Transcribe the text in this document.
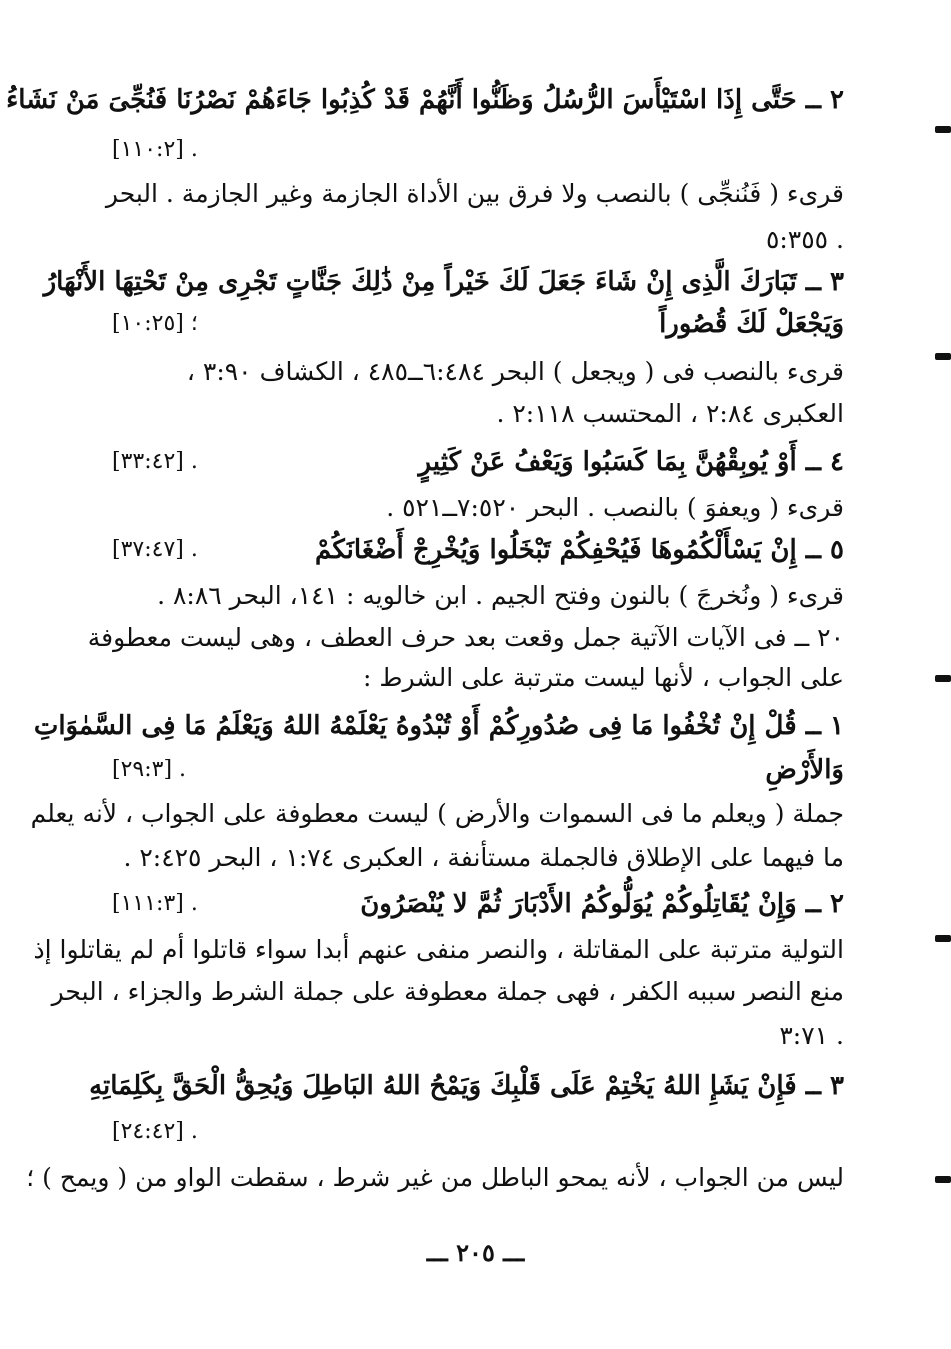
٢ ــ حَتَّى إِذَا اسْتَيْأَسَ الرُّسُلُ وَظَنُّوا أَنَّهُمْ قَدْ كُذِبُوا جَاءَهُمْ نَصْرُنَا فَنُجِّىَ مَنْ نَشَاءُ
[١١٠:٢] .
قرىء ( فَنُنجِّى ) بالنصب ولا فرق بين الأداة الجازمة وغير الجازمة . البحر
٥:٣٥٥ .
٣ ــ تَبَارَكَ الَّذِى إِنْ شَاءَ جَعَلَ لَكَ خَيْراً مِنْ ذَٰلِكَ جَنَّاتٍ تَجْرِى مِنْ تَحْتِهَا الأَنْهَارُ
وَيَجْعَلْ لَكَ قُصُوراً
[١٠:٢٥] ؛
قرىء بالنصب فى ( ويجعل ) البحر ٦:٤٨٤ــ٤٨٥ ، الكشاف ٣:٩٠ ،
العكبرى ٢:٨٤ ، المحتسب ٢:١١٨ .
٤ ــ أَوْ يُوبِقْهُنَّ بِمَا كَسَبُوا وَيَعْفُ عَنْ كَثِيرٍ
[٣٣:٤٢] .
قرىء ( ويعفوَ ) بالنصب . البحر ٧:٥٢٠ــ٥٢١ .
٥ ــ إِنْ يَسْأَلْكُمُوهَا فَيُحْفِكُمْ تَبْخَلُوا وَيُخْرِجْ أَضْغَانَكُمْ
[٣٧:٤٧] .
قرىء ( ونُخرجَ ) بالنون وفتح الجيم . ابن خالويه : ١٤١، البحر ٨:٨٦ .
٢٠ ــ فى الآيات الآتية جمل وقعت بعد حرف العطف ، وهى ليست معطوفة
على الجواب ، لأنها ليست مترتبة على الشرط :
١ ــ قُلْ إِنْ تُخْفُوا مَا فِى صُدُورِكُمْ أَوْ تُبْدُوهُ يَعْلَمْهُ اللهُ وَيَعْلَمُ مَا فِى السَّمٰوَاتِ
وَالأَرْضِ
[٢٩:٣] .
جملة ( ويعلم ما فى السموات والأرض ) ليست معطوفة على الجواب ، لأنه يعلم
ما فيهما على الإطلاق فالجملة مستأنفة ، العكبرى ١:٧٤ ، البحر ٢:٤٢٥ .
٢ ــ وَإِنْ يُقَاتِلُوكُمْ يُوَلُّوكُمُ الأَدْبَارَ ثُمَّ لا يُنْصَرُونَ
[١١١:٣] .
التولية مترتبة على المقاتلة ، والنصر منفى عنهم أبدا سواء قاتلوا أم لم يقاتلوا إذ
منع النصر سببه الكفر ، فهى جملة معطوفة على جملة الشرط والجزاء ، البحر
٣:٧١ .
٣ ــ فَإِنْ يَشَإِ اللهُ يَخْتِمْ عَلَى قَلْبِكَ وَيَمْحُ اللهُ البَاطِلَ وَيُحِقُّ الْحَقَّ بِكَلِمَاتِهِ
[٢٤:٤٢] .
ليس من الجواب ، لأنه يمحو الباطل من غير شرط ، سقطت الواو من ( ويمح ) ؛
ـــ ٢٠٥ ـــ
